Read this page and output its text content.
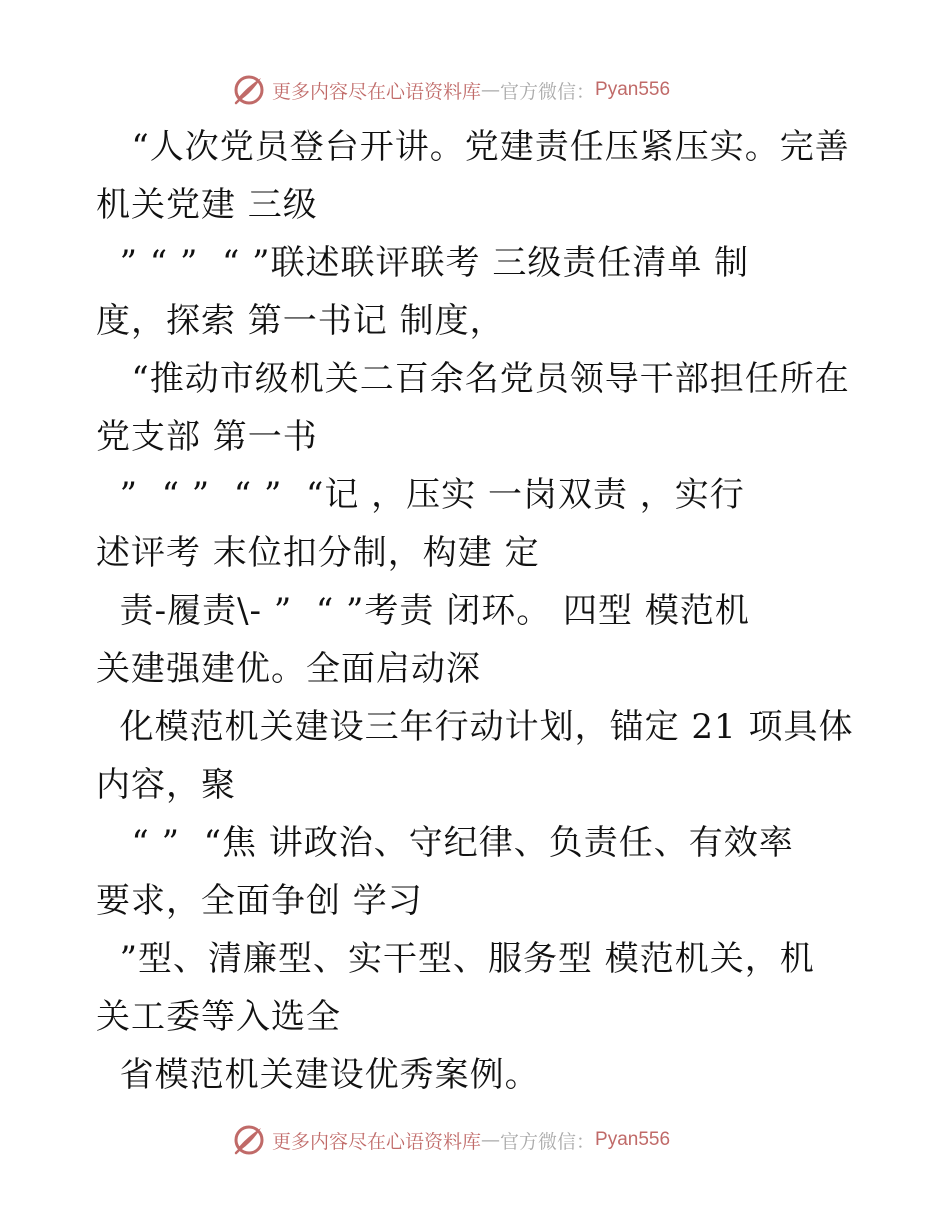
更多内容尽在心语资料库 — 官方微信： Pyan556
“人次党员登台开讲。党建责任压紧压实。完善
机关党建 三级
” “ ”  “ ”联述联评联考 三级责任清单 制
度，探索 第一书记 制度，
“推动市级机关二百余名党员领导干部担任所在
党支部 第一书
”  “ ”  “ ”  “记 ，压实 一岗双责 ，实行
述评考 末位扣分制，构建 定
责-履责\- ”  “ ”考责 闭环。 四型 模范机
关建强建优。全面启动深
化模范机关建设三年行动计划，锚定 21 项具体
内容，聚
“ ”  “焦 讲政治、守纪律、负责任、有效率
要求，全面争创 学习
”型、清廉型、实干型、服务型 模范机关，机
关工委等入选全
省模范机关建设优秀案例。
更多内容尽在心语资料库 — 官方微信： Pyan556
